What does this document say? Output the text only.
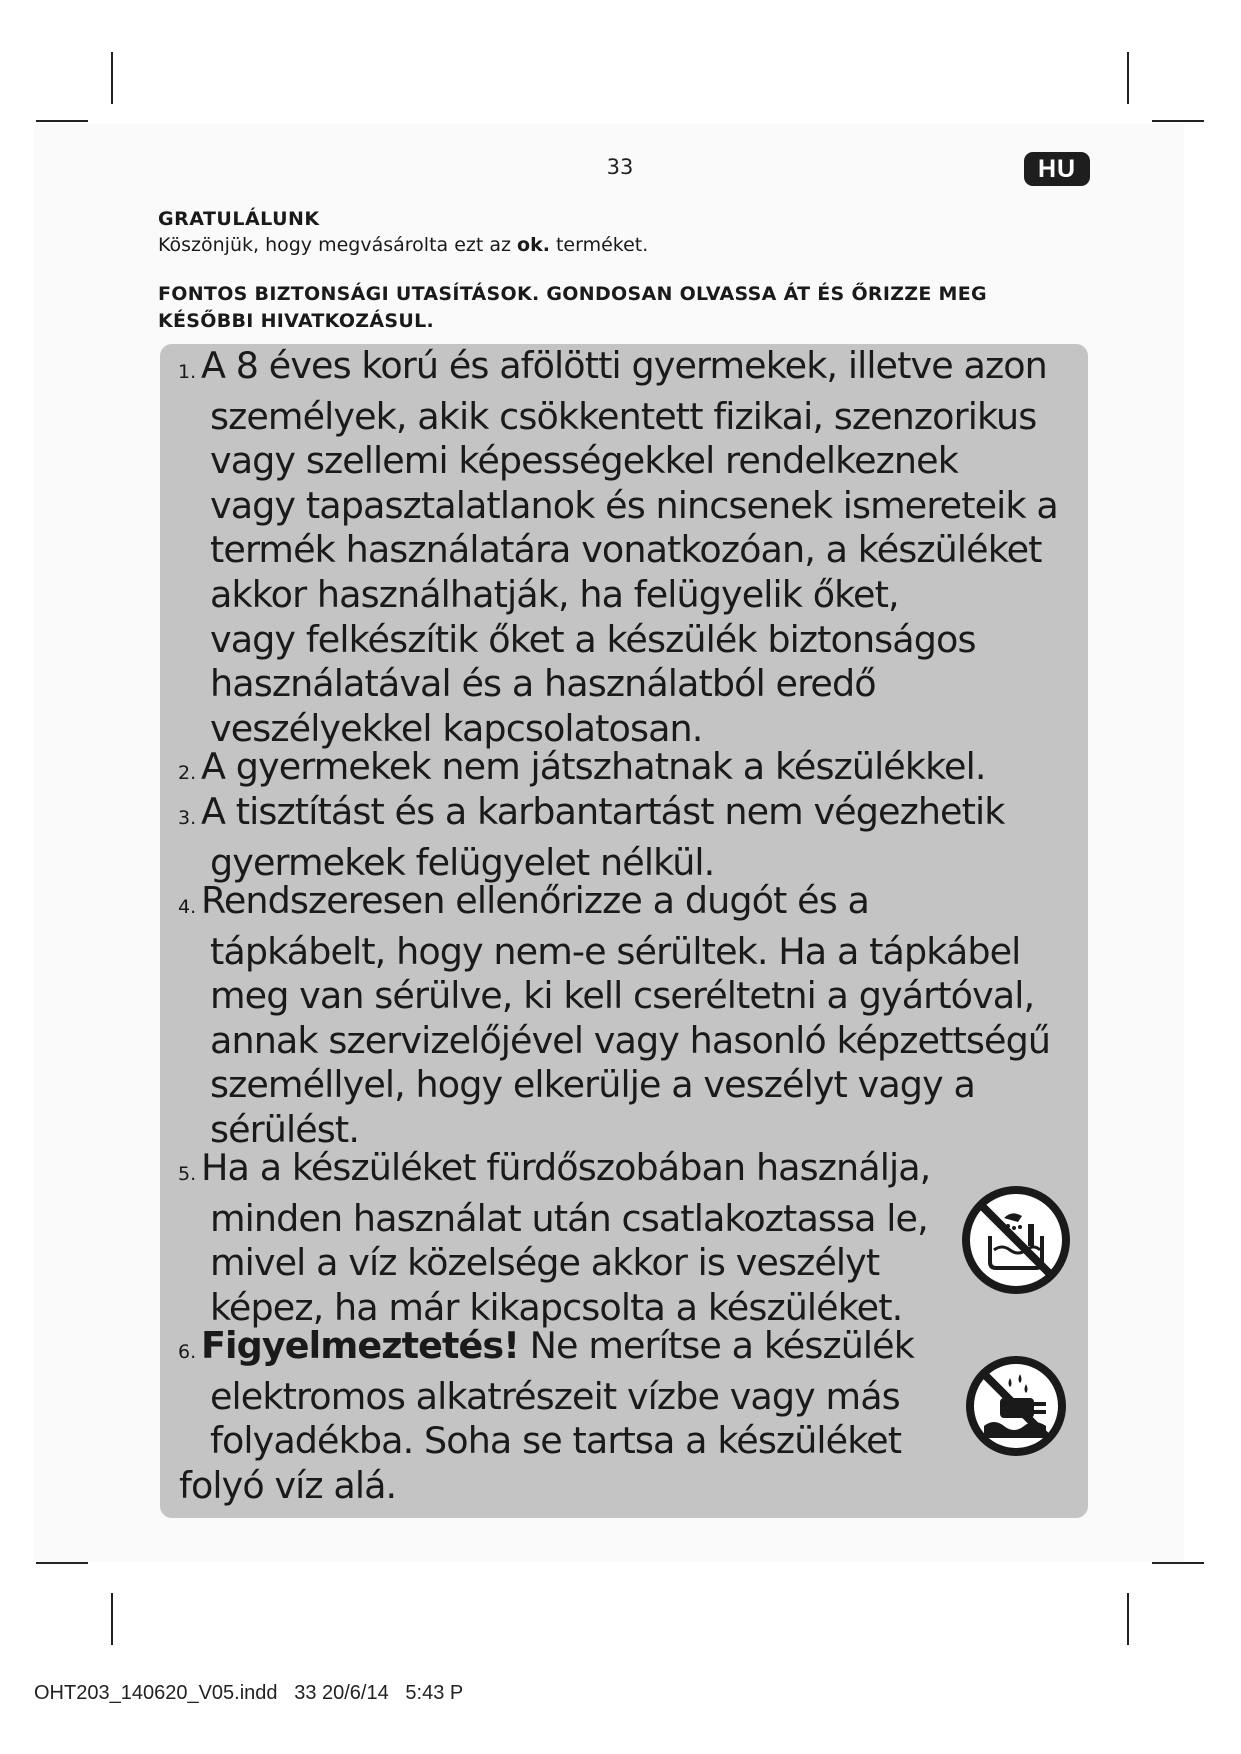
33	HU
GRATULÁLUNK
Köszönjük, hogy megvásárolta ezt az ok. terméket.
FONTOS BIZTONSÁGI UTASÍTÁSOK. GONDOSAN OLVASSA ÁT ÉS ŐRIZZE MEG
KÉSŐBBI HIVATKOZÁSUL.
1. A 8 éves korú és afölötti gyermekek, illetve azon
személyek, akik csökkentett fizikai, szenzorikus
vagy szellemi képességekkel rendelkeznek
vagy tapasztalatlanok és nincsenek ismereteik a
termék használatára vonatkozóan, a készüléket
akkor használhatják, ha felügyelik őket,
vagy felkészítik őket a készülék biztonságos
használatával és a használatból eredő
veszélyekkel kapcsolatosan.
2. A gyermekek nem játszhatnak a készülékkel.
3. A tisztítást és a karbantartást nem végezhetik
gyermekek felügyelet nélkül.
4. Rendszeresen ellenőrizze a dugót és a
tápkábelt, hogy nem-e sérültek. Ha a tápkábel
meg van sérülve, ki kell cseréltetni a gyártóval,
annak szervizelőjével vagy hasonló képzettségű
személlyel, hogy elkerülje a veszélyt vagy a
sérülést.
5. Ha a készüléket fürdőszobában használja,
minden használat után csatlakoztassa le,
mivel a víz közelsége akkor is veszélyt
képez, ha már kikapcsolta a készüléket.
6. Figyelmeztetés! Ne merítse a készülék
elektromos alkatrészeit vízbe vagy más
folyadékba. Soha se tartsa a készüléket
folyó víz alá.
OHT203_140620_V05.indd 33 20/6/14 5:43 P
